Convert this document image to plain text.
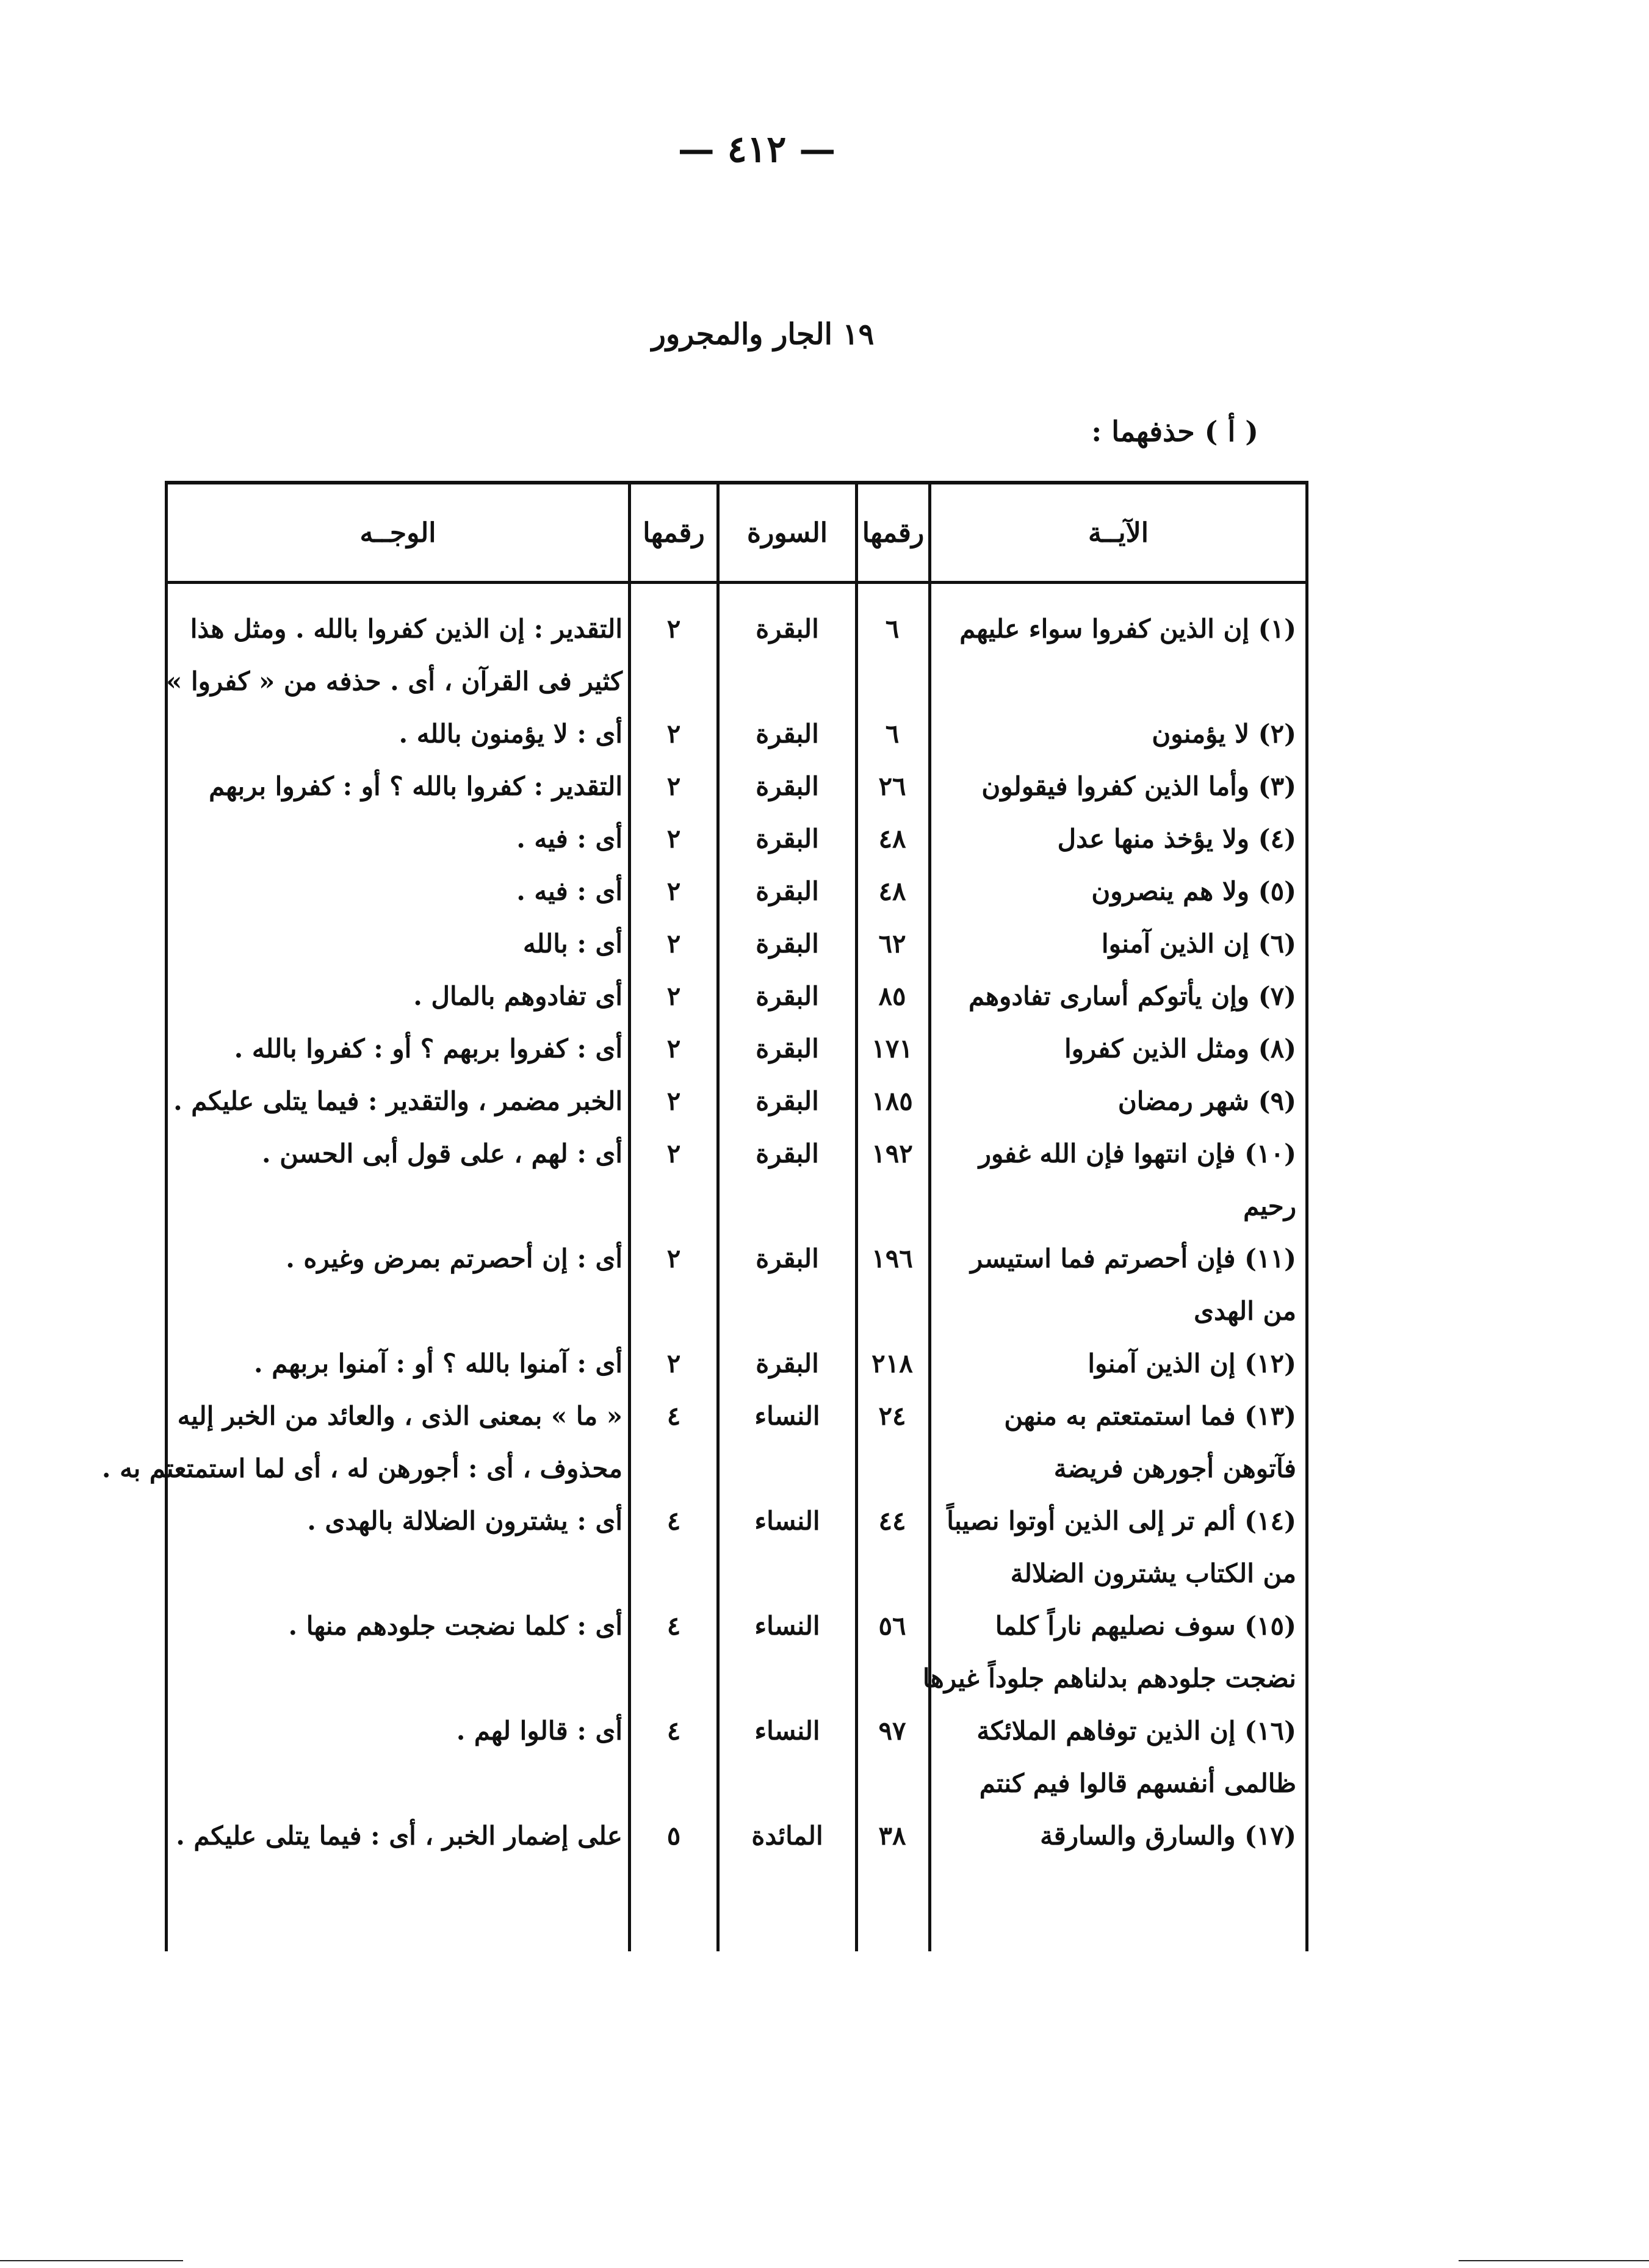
— ٤١٢ —
١٩ الجار والمجرور
( أ ) حذفهما :
الآيــة
رقمها
السورة
رقمها
الوجــه
(١) إن الذين كفروا سواء عليهم
٦
البقرة
٢
التقدير : إن الذين كفروا بالله . ومثل هذا
كثير فى القرآن ، أى . حذفه من « كفروا »
(٢) لا يؤمنون
٦
البقرة
٢
أى : لا يؤمنون بالله .
(٣) وأما الذين كفروا فيقولون
٢٦
البقرة
٢
التقدير : كفروا بالله ؟ أو : كفروا بربهم
(٤) ولا يؤخذ منها عدل
٤٨
البقرة
٢
أى : فيه .
(٥) ولا هم ينصرون
٤٨
البقرة
٢
أى : فيه .
(٦) إن الذين آمنوا
٦٢
البقرة
٢
أى : بالله
(٧) وإن يأتوكم أسارى تفادوهم
٨٥
البقرة
٢
أى تفادوهم بالمال .
(٨) ومثل الذين كفروا
١٧١
البقرة
٢
أى : كفروا بربهم ؟ أو : كفروا بالله .
(٩) شهر رمضان
١٨٥
البقرة
٢
الخبر مضمر ، والتقدير : فيما يتلى عليكم .
(١٠) فإن انتهوا فإن الله غفور
رحيم
١٩٢
البقرة
٢
أى : لهم ، على قول أبى الحسن .
(١١) فإن أحصرتم فما استيسر
من الهدى
١٩٦
البقرة
٢
أى : إن أحصرتم بمرض وغيره .
(١٢) إن الذين آمنوا
٢١٨
البقرة
٢
أى : آمنوا بالله ؟ أو : آمنوا بربهم .
(١٣) فما استمتعتم به منهن
فآتوهن أجورهن فريضة
٢٤
النساء
٤
« ما » بمعنى الذى ، والعائد من الخبر إليه
محذوف ، أى : أجورهن له ، أى لما استمتعتم به .
(١٤) ألم تر إلى الذين أوتوا نصيباً
من الكتاب يشترون الضلالة
٤٤
النساء
٤
أى : يشترون الضلالة بالهدى .
(١٥) سوف نصليهم ناراً كلما
نضجت جلودهم بدلناهم جلوداً غيرها
٥٦
النساء
٤
أى : كلما نضجت جلودهم منها .
(١٦) إن الذين توفاهم الملائكة
ظالمى أنفسهم قالوا فيم كنتم
٩٧
النساء
٤
أى : قالوا لهم .
(١٧) والسارق والسارقة
٣٨
المائدة
٥
على إضمار الخبر ، أى : فيما يتلى عليكم .
